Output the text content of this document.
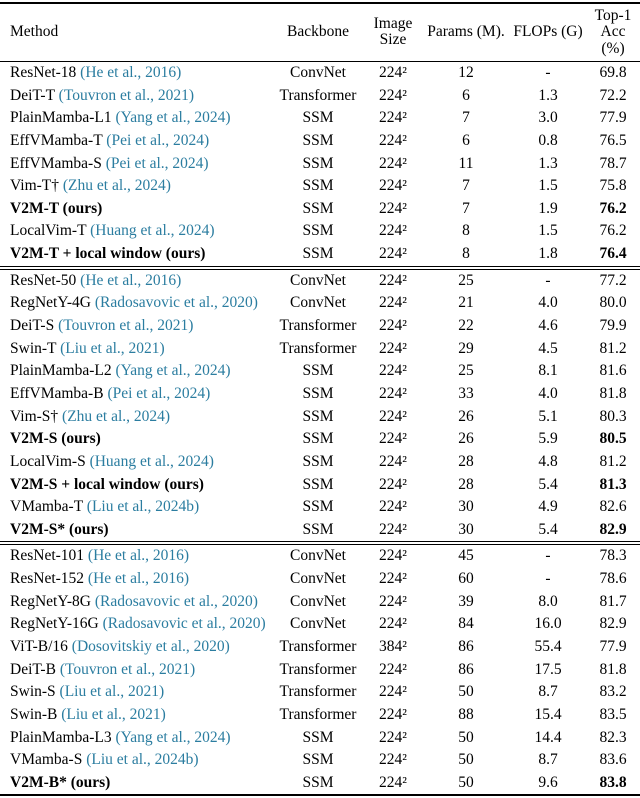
Method	Backbone	Image Size	Params (M).	FLOPs (G)	Top-1 Acc (%)
ResNet-18 (He et al., 2016)	ConvNet	224²	12	-	69.8
DeiT-T (Touvron et al., 2021)	Transformer	224²	6	1.3	72.2
PlainMamba-L1 (Yang et al., 2024)	SSM	224²	7	3.0	77.9
EffVMamba-T (Pei et al., 2024)	SSM	224²	6	0.8	76.5
EffVMamba-S (Pei et al., 2024)	SSM	224²	11	1.3	78.7
Vim-T† (Zhu et al., 2024)	SSM	224²	7	1.5	75.8
V2M-T (ours)	SSM	224²	7	1.9	76.2
LocalVim-T (Huang et al., 2024)	SSM	224²	8	1.5	76.2
V2M-T + local window (ours)	SSM	224²	8	1.8	76.4
ResNet-50 (He et al., 2016)	ConvNet	224²	25	-	77.2
RegNetY-4G (Radosavovic et al., 2020)	ConvNet	224²	21	4.0	80.0
DeiT-S (Touvron et al., 2021)	Transformer	224²	22	4.6	79.9
Swin-T (Liu et al., 2021)	Transformer	224²	29	4.5	81.2
PlainMamba-L2 (Yang et al., 2024)	SSM	224²	25	8.1	81.6
EffVMamba-B (Pei et al., 2024)	SSM	224²	33	4.0	81.8
Vim-S† (Zhu et al., 2024)	SSM	224²	26	5.1	80.3
V2M-S (ours)	SSM	224²	26	5.9	80.5
LocalVim-S (Huang et al., 2024)	SSM	224²	28	4.8	81.2
V2M-S + local window (ours)	SSM	224²	28	5.4	81.3
VMamba-T (Liu et al., 2024b)	SSM	224²	30	4.9	82.6
V2M-S* (ours)	SSM	224²	30	5.4	82.9
ResNet-101 (He et al., 2016)	ConvNet	224²	45	-	78.3
ResNet-152 (He et al., 2016)	ConvNet	224²	60	-	78.6
RegNetY-8G (Radosavovic et al., 2020)	ConvNet	224²	39	8.0	81.7
RegNetY-16G (Radosavovic et al., 2020)	ConvNet	224²	84	16.0	82.9
ViT-B/16 (Dosovitskiy et al., 2020)	Transformer	384²	86	55.4	77.9
DeiT-B (Touvron et al., 2021)	Transformer	224²	86	17.5	81.8
Swin-S (Liu et al., 2021)	Transformer	224²	50	8.7	83.2
Swin-B (Liu et al., 2021)	Transformer	224²	88	15.4	83.5
PlainMamba-L3 (Yang et al., 2024)	SSM	224²	50	14.4	82.3
VMamba-S (Liu et al., 2024b)	SSM	224²	50	8.7	83.6
V2M-B* (ours)	SSM	224²	50	9.6	83.8
